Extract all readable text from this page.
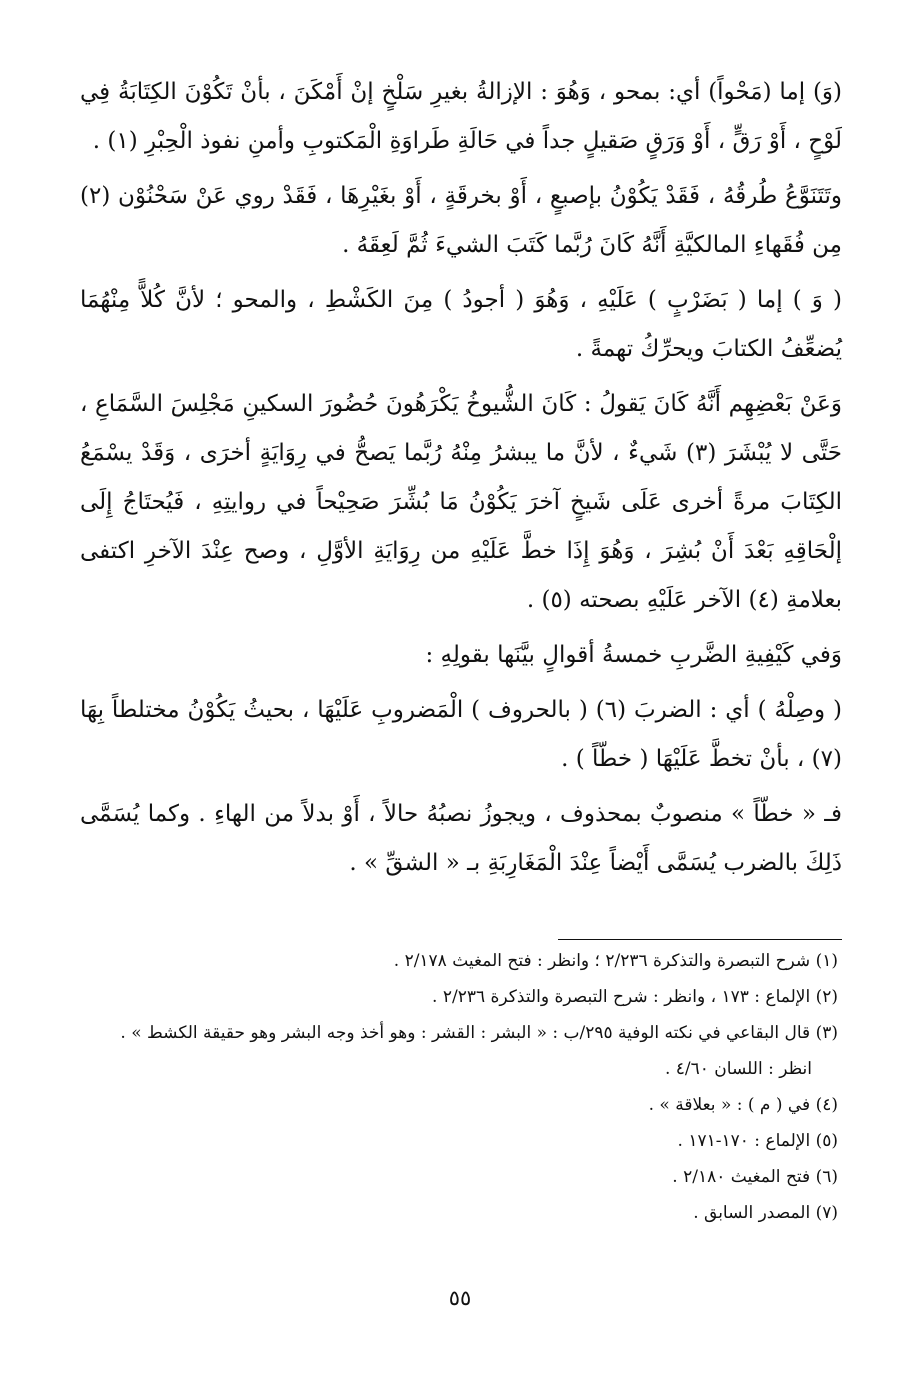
(وَ) إما (مَحْواً) أي: بمحو ، وَهُوَ : الإزالةُ بغيرِ سَلْخٍ إنْ أَمْكَنَ ، بأنْ تَكُوْنَ الكِتَابَةُ فِي لَوْحٍ ، أَوْ رَقٍّ ، أَوْ وَرَقٍ صَقيلٍ جداً في حَالَةِ طَراوَةِ الْمَكتوبِ وأمنِ نفوذ الْحِبْرِ (١) .

وتَتَنَوَّعُ طُرقُهُ ، فَقَدْ يَكُوْنُ بإصبعٍ ، أَوْ بخرقَةٍ ، أَوْ بغَيْرِهَا ، فَقَدْ روي عَنْ سَحْنُوْن (٢) مِن فُقَهاءِ المالكيَّةِ أَنَّهُ كَانَ رُبَّما كَتَبَ الشيءَ ثُمَّ لَعِقَهُ .

( وَ ) إما ( بَضَرْبٍ ) عَلَيْهِ ، وَهُوَ ( أجودُ ) مِنَ الكَشْطِ ، والمحو ؛ لأنَّ كُلاًّ مِنْهُمَا يُضعِّفُ الكتابَ ويحرِّكُ تهمةً .

وَعَنْ بَعْضِهِم أَنَّهُ كَانَ يَقولُ : كَانَ الشُّيوخُ يَكْرَهُونَ حُضُورَ السكينِ مَجْلِسَ السَّمَاعِ ، حَتَّى لا يُبْشَرَ (٣) شَيءٌ ، لأنَّ ما يبشرُ مِنْهُ رُبَّما يَصحُّ في رِوَايَةٍ أخرَى ، وَقَدْ يسْمَعُ الكِتَابَ مرةً أخرى عَلَى شَيخٍ آخرَ يَكُوْنُ مَا بُشِّرَ صَحِيْحاً في روايتِهِ ، فَيُحتَاجُ إِلَى إلْحَاقِهِ بَعْدَ أَنْ بُشِرَ ، وَهُوَ إِذَا خطَّ عَلَيْهِ من رِوَايَةِ الأوَّلِ ، وصح عِنْدَ الآخرِ اكتفى بعلامةِ (٤) الآخر عَلَيْهِ بصحته (٥) .

وَفي كَيْفِيةِ الضَّربِ خمسةُ أقوالٍ بيَّنَها بقولِهِ :

( وصِلْهُ ) أي : الضربَ (٦) ( بالحروف ) الْمَضروبِ عَلَيْهَا ، بحيثُ يَكُوْنُ مختلطاً بِهَا (٧) ، بأنْ تخطَّ عَلَيْهَا ( خطّاً ) .

فـ « خطّاً » منصوبٌ بمحذوف ، ويجوزُ نصبُهُ حالاً ، أَوْ بدلاً من الهاءِ . وكما يُسَمَّى ذَلِكَ بالضرب يُسَمَّى أَيْضاً عِنْدَ الْمَغَارِبَةِ بـ « الشقِّ » .

(١) شرح التبصرة والتذكرة ٢/٢٣٦ ؛ وانظر : فتح المغيث ٢/١٧٨ .

(٢) الإلماع : ١٧٣ ، وانظر : شرح التبصرة والتذكرة ٢/٢٣٦ .

(٣) قال البقاعي في نكته الوفية ٢٩٥/ب : « البشر : القشر : وهو أخذ وجه البشر وهو حقيقة الكشط » .
انظر : اللسان ٤/٦٠ .

(٤) في ( م ) : « بعلاقة » .

(٥) الإلماع : ١٧٠-١٧١ .

(٦) فتح المغيث ٢/١٨٠ .

(٧) المصدر السابق .

٥٥
